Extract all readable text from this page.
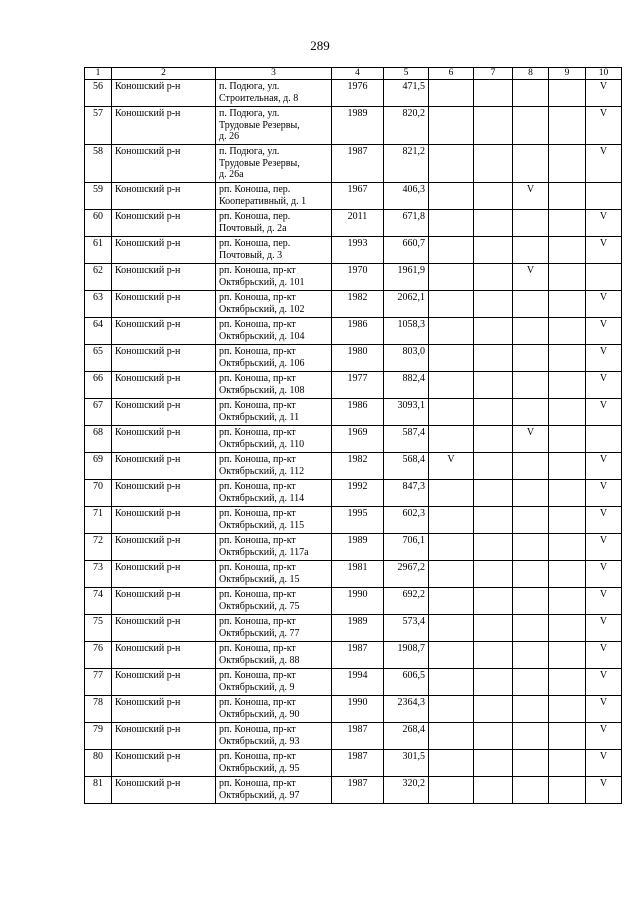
289
1	2	3	4	5	6	7	8	9	10
56	Коношский р-н	п. Подюга, ул.
Строительная, д. 8	1976	471,5					V
57	Коношский р-н	п. Подюга, ул.
Трудовые Резервы,
д. 26	1989	820,2					V
58	Коношский р-н	п. Подюга, ул.
Трудовые Резервы,
д. 26а	1987	821,2					V
59	Коношский р-н	рп. Коноша, пер.
Кооперативный, д. 1	1967	406,3			V		
60	Коношский р-н	рп. Коноша, пер.
Почтовый, д. 2а	2011	671,8					V
61	Коношский р-н	рп. Коноша, пер.
Почтовый, д. 3	1993	660,7					V
62	Коношский р-н	рп. Коноша, пр-кт
Октябрьский, д. 101	1970	1961,9			V		
63	Коношский р-н	рп. Коноша, пр-кт
Октябрьский, д. 102	1982	2062,1					V
64	Коношский р-н	рп. Коноша, пр-кт
Октябрьский, д. 104	1986	1058,3					V
65	Коношский р-н	рп. Коноша, пр-кт
Октябрьский, д. 106	1980	803,0					V
66	Коношский р-н	рп. Коноша, пр-кт
Октябрьский, д. 108	1977	882,4					V
67	Коношский р-н	рп. Коноша, пр-кт
Октябрьский, д. 11	1986	3093,1					V
68	Коношский р-н	рп. Коноша, пр-кт
Октябрьский, д. 110	1969	587,4			V		
69	Коношский р-н	рп. Коноша, пр-кт
Октябрьский, д. 112	1982	568,4	V				V
70	Коношский р-н	рп. Коноша, пр-кт
Октябрьский, д. 114	1992	847,3					V
71	Коношский р-н	рп. Коноша, пр-кт
Октябрьский, д. 115	1995	602,3					V
72	Коношский р-н	рп. Коноша, пр-кт
Октябрьский, д. 117а	1989	706,1					V
73	Коношский р-н	рп. Коноша, пр-кт
Октябрьский, д. 15	1981	2967,2					V
74	Коношский р-н	рп. Коноша, пр-кт
Октябрьский, д. 75	1990	692,2					V
75	Коношский р-н	рп. Коноша, пр-кт
Октябрьский, д. 77	1989	573,4					V
76	Коношский р-н	рп. Коноша, пр-кт
Октябрьский, д. 88	1987	1908,7					V
77	Коношский р-н	рп. Коноша, пр-кт
Октябрьский, д. 9	1994	606,5					V
78	Коношский р-н	рп. Коноша, пр-кт
Октябрьский, д. 90	1990	2364,3					V
79	Коношский р-н	рп. Коноша, пр-кт
Октябрьский, д. 93	1987	268,4					V
80	Коношский р-н	рп. Коноша, пр-кт
Октябрьский, д. 95	1987	301,5					V
81	Коношский р-н	рп. Коноша, пр-кт
Октябрьский, д. 97	1987	320,2					V
